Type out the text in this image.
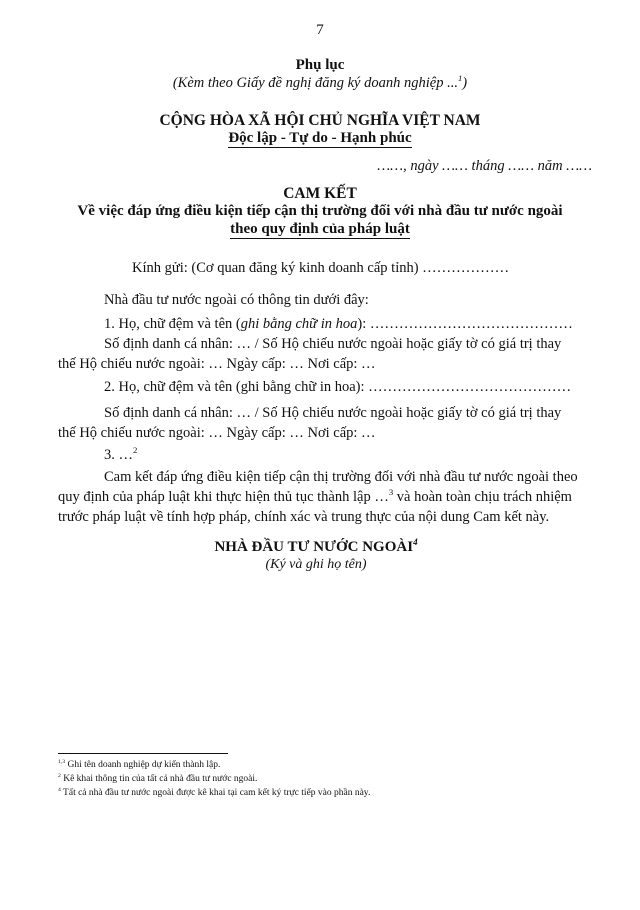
7
Phụ lục
(Kèm theo Giấy đề nghị đăng ký doanh nghiệp ...$^1$)
CỘNG HÒA XÃ HỘI CHỦ NGHĨA VIỆT NAM
Độc lập - Tự do - Hạnh phúc
……, ngày …… tháng …… năm ……
CAM KẾT
Về việc đáp ứng điều kiện tiếp cận thị trường đối với nhà đầu tư nước ngoài
theo quy định của pháp luật
Kính gửi: (Cơ quan đăng ký kinh doanh cấp tỉnh) ………………
Nhà đầu tư nước ngoài có thông tin dưới đây:
1. Họ, chữ đệm và tên (ghi bằng chữ in hoa): ……………………………………
Số định danh cá nhân: … / Số Hộ chiếu nước ngoài hoặc giấy tờ có giá trị thay
thế Hộ chiếu nước ngoài: … Ngày cấp: … Nơi cấp: …
2. Họ, chữ đệm và tên (ghi bằng chữ in hoa): ……………………………………
Số định danh cá nhân: … / Số Hộ chiếu nước ngoài hoặc giấy tờ có giá trị thay
thế Hộ chiếu nước ngoài: … Ngày cấp: … Nơi cấp: …
3. …$^2$
Cam kết đáp ứng điều kiện tiếp cận thị trường đối với nhà đầu tư nước ngoài theo
quy định của pháp luật khi thực hiện thủ tục thành lập …$^3$ và hoàn toàn chịu trách nhiệm
trước pháp luật về tính hợp pháp, chính xác và trung thực của nội dung Cam kết này.
NHÀ ĐẦU TƯ NƯỚC NGOÀI$^4$
(Ký và ghi họ tên)
$^{1,3}$ Ghi tên doanh nghiệp dự kiến thành lập.
$^2$ Kê khai thông tin của tất cả nhà đầu tư nước ngoài.
$^4$ Tất cả nhà đầu tư nước ngoài được kê khai tại cam kết ký trực tiếp vào phần này.
